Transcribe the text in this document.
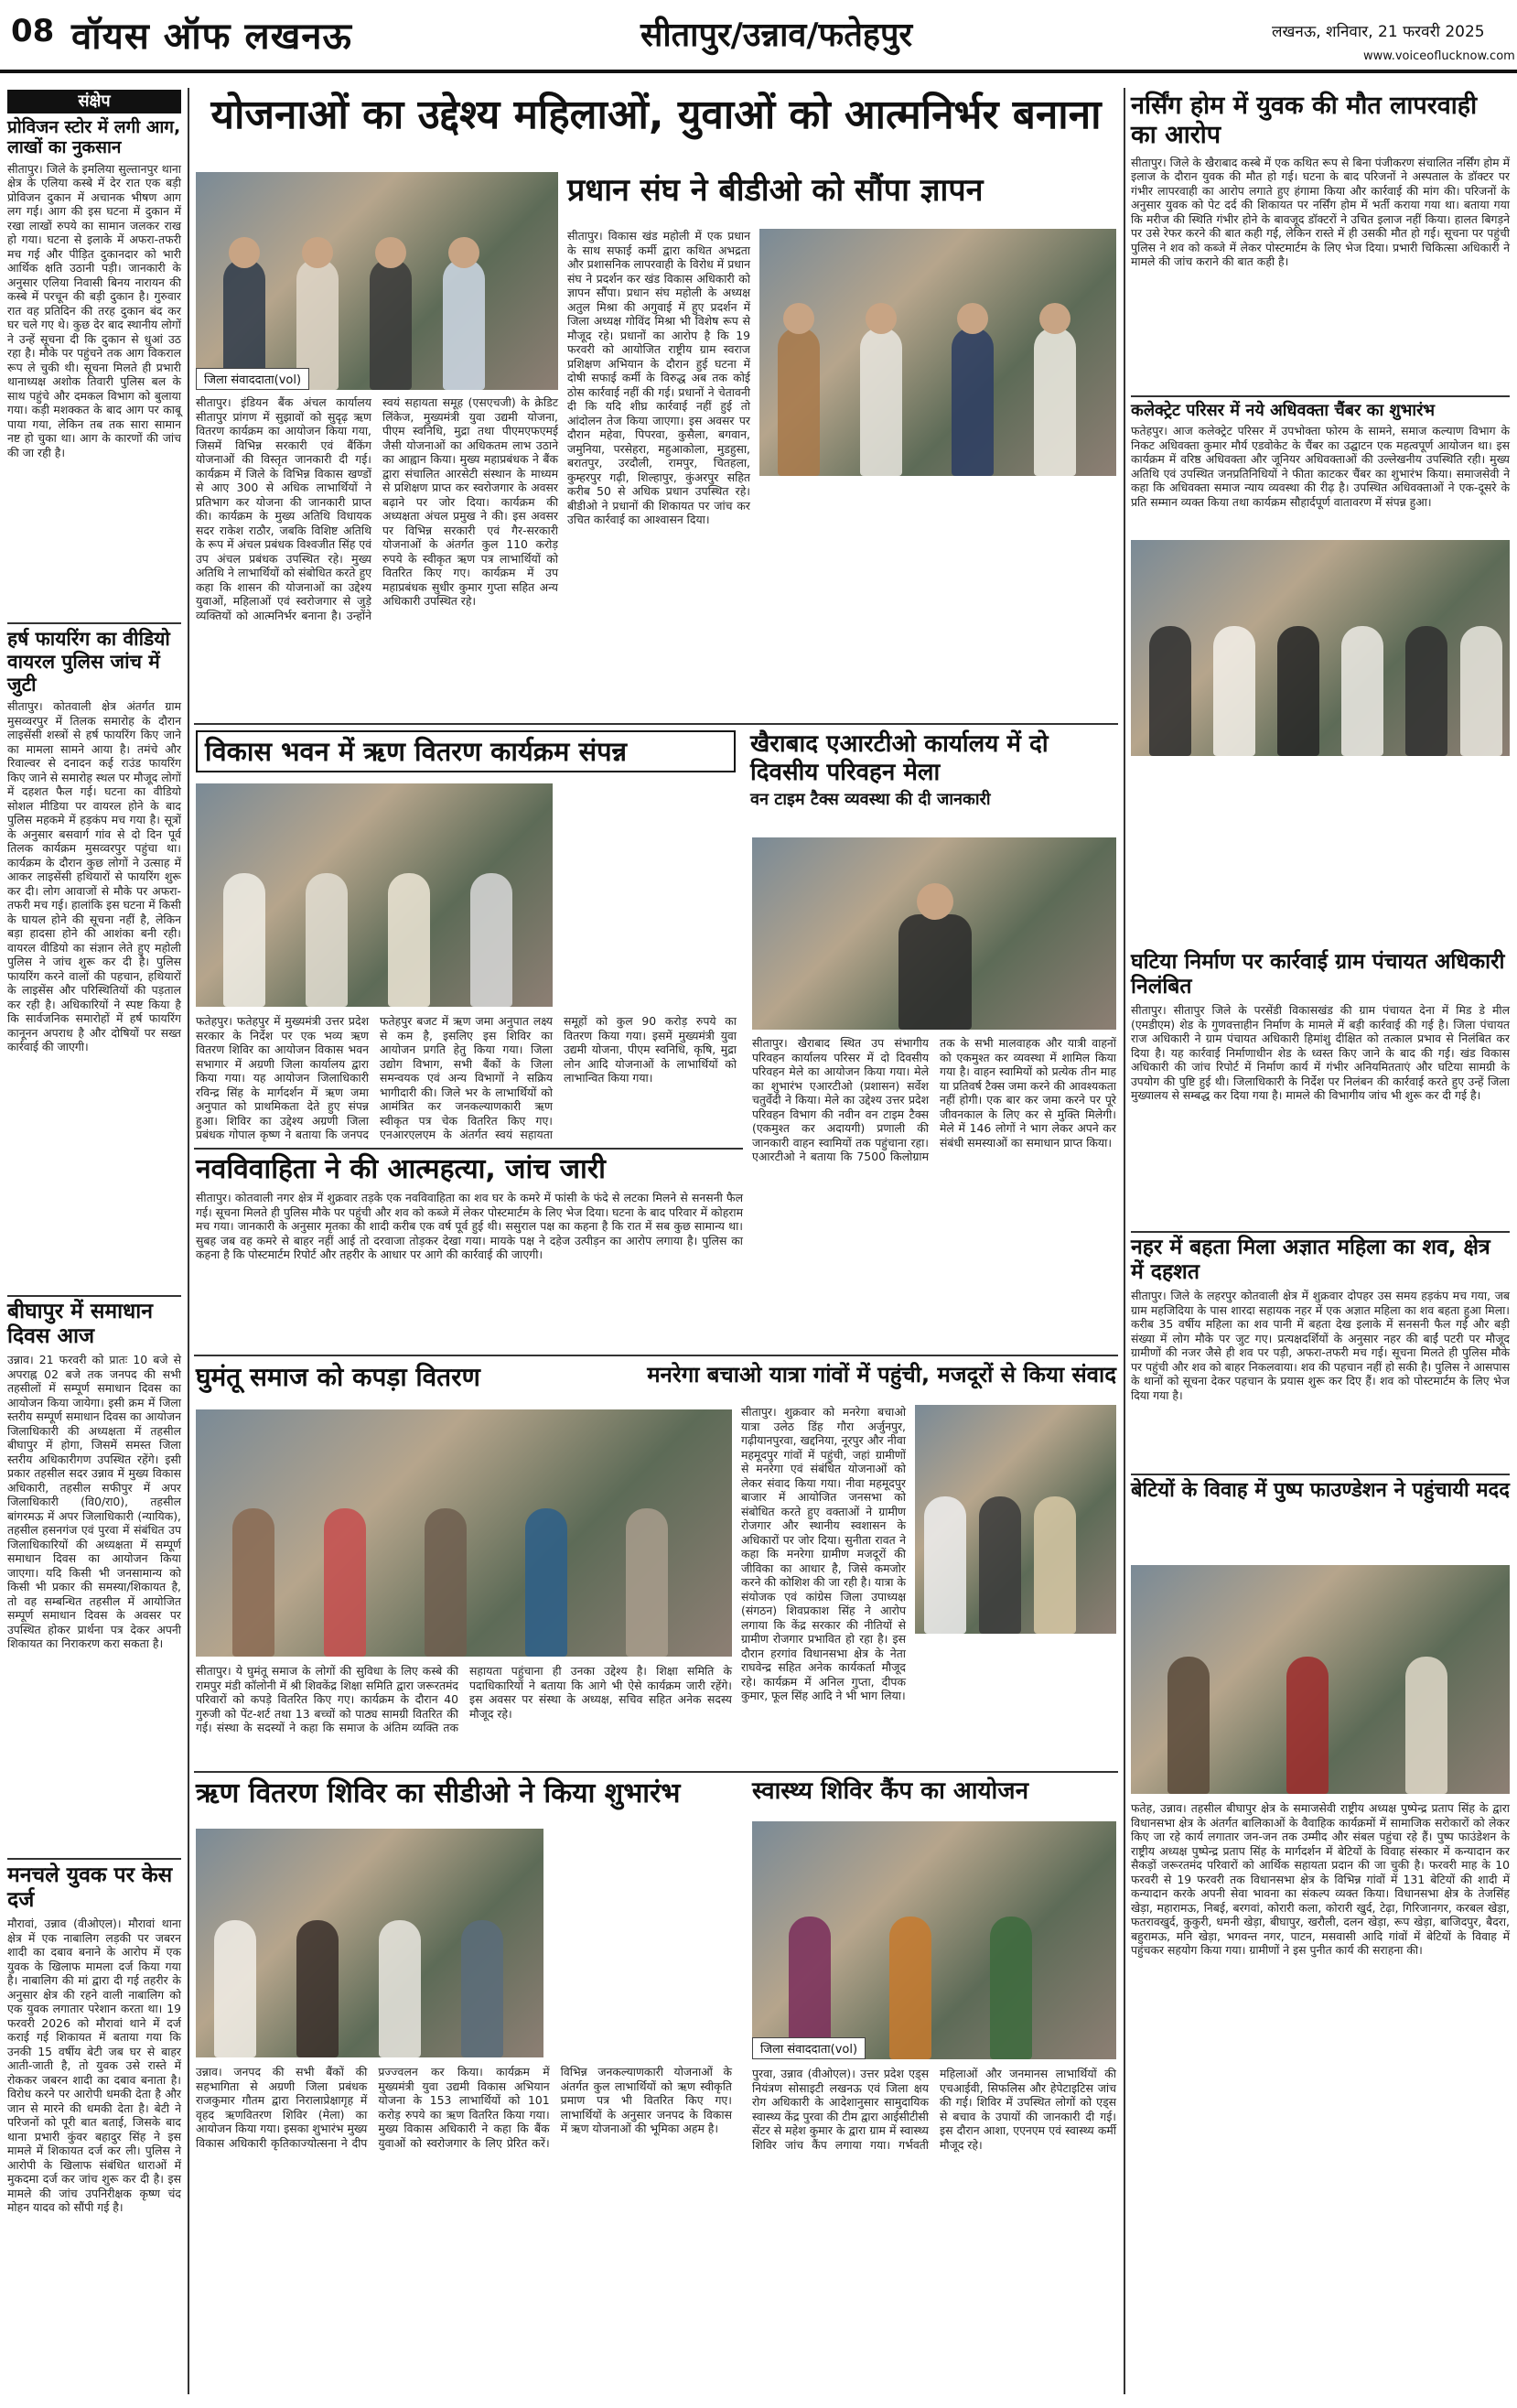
08 वॉयस ऑफ लखनऊ	सीतापुर/उन्नाव/फतेहपुर	लखनऊ, शनिवार, 21 फरवरी 2025
www.voiceoflucknow.com
संक्षेप
प्रोविजन स्टोर में लगी आग, लाखों का नुकसान
सीतापुर। जिले के इमलिया सुल्तानपुर थाना क्षेत्र के एलिया कस्बे में देर रात एक बड़ी प्रोविजन दुकान में अचानक भीषण आग लग गई। आग की इस घटना में दुकान में रखा लाखों रुपये का सामान जलकर राख हो गया। घटना से इलाके में अफरा-तफरी मच गई और पीड़ित दुकानदार को भारी आर्थिक क्षति उठानी पड़ी। जानकारी के अनुसार एलिया निवासी बिनय नारायन की कस्बे में परचून की बड़ी दुकान है। गुरुवार रात वह प्रतिदिन की तरह दुकान बंद कर घर चले गए थे। कुछ देर बाद स्थानीय लोगों ने उन्हें सूचना दी कि दुकान से धुआं उठ रहा है। मौके पर पहुंचने तक आग विकराल रूप ले चुकी थी। सूचना मिलते ही प्रभारी थानाध्यक्ष अशोक तिवारी पुलिस बल के साथ पहुंचे और दमकल विभाग को बुलाया गया। कड़ी मशक्कत के बाद आग पर काबू पाया गया, लेकिन तब तक सारा सामान नष्ट हो चुका था। आग के कारणों की जांच की जा रही है।
हर्ष फायरिंग का वीडियो वायरल पुलिस जांच में जुटी
सीतापुर। कोतवाली क्षेत्र अंतर्गत ग्राम मुसव्वरपुर में तिलक समारोह के दौरान लाइसेंसी शस्त्रों से हर्ष फायरिंग किए जाने का मामला सामने आया है। तमंचे और रिवाल्वर से दनादन कई राउंड फायरिंग किए जाने से समारोह स्थल पर मौजूद लोगों में दहशत फैल गई। घटना का वीडियो सोशल मीडिया पर वायरल होने के बाद पुलिस महकमे में हड़कंप मच गया है। सूत्रों के अनुसार बसवार्ग गांव से दो दिन पूर्व तिलक कार्यक्रम मुसव्वरपुर पहुंचा था। कार्यक्रम के दौरान कुछ लोगों ने उत्साह में आकर लाइसेंसी हथियारों से फायरिंग शुरू कर दी। लोग आवाजों से मौके पर अफरा-तफरी मच गई। हालांकि इस घटना में किसी के घायल होने की सूचना नहीं है, लेकिन बड़ा हादसा होने की आशंका बनी रही। वायरल वीडियो का संज्ञान लेते हुए महोली पुलिस ने जांच शुरू कर दी है। पुलिस फायरिंग करने वालों की पहचान, हथियारों के लाइसेंस और परिस्थितियों की पड़ताल कर रही है। अधिकारियों ने स्पष्ट किया है कि सार्वजनिक समारोहों में हर्ष फायरिंग कानूनन अपराध है और दोषियों पर सख्त कार्रवाई की जाएगी।
बीघापुर में समाधान दिवस आज
उन्नाव। 21 फरवरी को प्रातः 10 बजे से अपराह्न 02 बजे तक जनपद की सभी तहसीलों में सम्पूर्ण समाधान दिवस का आयोजन किया जायेगा। इसी क्रम में जिला स्तरीय सम्पूर्ण समाधान दिवस का आयोजन जिलाधिकारी की अध्यक्षता में तहसील बीघापुर में होगा, जिसमें समस्त जिला स्तरीय अधिकारीगण उपस्थित रहेंगे। इसी प्रकार तहसील सदर उन्नाव में मुख्य विकास अधिकारी, तहसील सफीपुर में अपर जिलाधिकारी (वि0/रा0), तहसील बांगरमऊ में अपर जिलाधिकारी (न्यायिक), तहसील हसनगंज एवं पुरवा में संबंधित उप जिलाधिकारियों की अध्यक्षता में सम्पूर्ण समाधान दिवस का आयोजन किया जाएगा। यदि किसी भी जनसामान्य को किसी भी प्रकार की समस्या/शिकायत है, तो वह सम्बन्धित तहसील में आयोजित सम्पूर्ण समाधान दिवस के अवसर पर उपस्थित होकर प्रार्थना पत्र देकर अपनी शिकायत का निराकरण करा सकता है।
मनचले युवक पर केस दर्ज
मौरावां, उन्नाव (वीओएल)। मौरावां थाना क्षेत्र में एक नाबालिग लड़की पर जबरन शादी का दबाव बनाने के आरोप में एक युवक के खिलाफ मामला दर्ज किया गया है। नाबालिग की मां द्वारा दी गई तहरीर के अनुसार क्षेत्र की रहने वाली नाबालिग को एक युवक लगातार परेशान करता था। 19 फरवरी 2026 को मौरावां थाने में दर्ज कराई गई शिकायत में बताया गया कि उनकी 15 वर्षीय बेटी जब घर से बाहर आती-जाती है, तो युवक उसे रास्ते में रोककर जबरन शादी का दबाव बनाता है। विरोध करने पर आरोपी धमकी देता है और जान से मारने की धमकी देता है। बेटी ने परिजनों को पूरी बात बताई, जिसके बाद थाना प्रभारी कुंवर बहादुर सिंह ने इस मामले में शिकायत दर्ज कर ली। पुलिस ने आरोपी के खिलाफ संबंधित धाराओं में मुकदमा दर्ज कर जांच शुरू कर दी है। इस मामले की जांच उपनिरीक्षक कृष्ण चंद मोहन यादव को सौंपी गई है।
योजनाओं का उद्देश्य महिलाओं, युवाओं को आत्मनिर्भर बनाना
जिला संवाददाता(vol)
सीतापुर। इंडियन बैंक अंचल कार्यालय सीतापुर प्रांगण में सुझावों को सुदृढ़ ऋण वितरण कार्यक्रम का आयोजन किया गया, जिसमें विभिन्न सरकारी एवं बैंकिंग योजनाओं की विस्तृत जानकारी दी गई। कार्यक्रम में जिले के विभिन्न विकास खण्डों से आए 300 से अधिक लाभार्थियों ने प्रतिभाग कर योजना की जानकारी प्राप्त की। कार्यक्रम के मुख्य अतिथि विधायक सदर राकेश राठौर, जबकि विशिष्ट अतिथि के रूप में अंचल प्रबंधक विश्वजीत सिंह एवं उप अंचल प्रबंधक उपस्थित रहे। मुख्य अतिथि ने लाभार्थियों को संबोधित करते हुए कहा कि शासन की योजनाओं का उद्देश्य युवाओं, महिलाओं एवं स्वरोजगार से जुड़े व्यक्तियों को आत्मनिर्भर बनाना है। उन्होंने स्वयं सहायता समूह (एसएचजी) के क्रेडिट लिंकेज, मुख्यमंत्री युवा उद्यमी योजना, पीएम स्वनिधि, मुद्रा तथा पीएमएफएमई जैसी योजनाओं का अधिकतम लाभ उठाने का आह्वान किया। मुख्य महाप्रबंधक ने बैंक द्वारा संचालित आरसेटी संस्थान के माध्यम से प्रशिक्षण प्राप्त कर स्वरोजगार के अवसर बढ़ाने पर जोर दिया। कार्यक्रम की अध्यक्षता अंचल प्रमुख ने की। इस अवसर पर विभिन्न सरकारी एवं गैर-सरकारी योजनाओं के अंतर्गत कुल 110 करोड़ रुपये के स्वीकृत ऋण पत्र लाभार्थियों को वितरित किए गए। कार्यक्रम में उप महाप्रबंधक सुधीर कुमार गुप्ता सहित अन्य अधिकारी उपस्थित रहे।
प्रधान संघ ने बीडीओ को सौंपा ज्ञापन
सीतापुर। विकास खंड महोली में एक प्रधान के साथ सफाई कर्मी द्वारा कथित अभद्रता और प्रशासनिक लापरवाही के विरोध में प्रधान संघ ने प्रदर्शन कर खंड विकास अधिकारी को ज्ञापन सौंपा। प्रधान संघ महोली के अध्यक्ष अतुल मिश्रा की अगुवाई में हुए प्रदर्शन में जिला अध्यक्ष गोविंद मिश्रा भी विशेष रूप से मौजूद रहे। प्रधानों का आरोप है कि 19 फरवरी को आयोजित राष्ट्रीय ग्राम स्वराज प्रशिक्षण अभियान के दौरान हुई घटना में दोषी सफाई कर्मी के विरुद्ध अब तक कोई ठोस कार्रवाई नहीं की गई। प्रधानों ने चेतावनी दी कि यदि शीघ्र कार्रवाई नहीं हुई तो आंदोलन तेज किया जाएगा। इस अवसर पर दौरान महेवा, पिपरवा, कुसैला, बगवान, जमुनिया, परसेहरा, महुआकोला, मुडहुसा, बरातपुर, उरदौली, रामपुर, चितहला, कुम्हरपुर गढ़ी, शिल्हापुर, कुंअरपुर सहित करीब 50 से अधिक प्रधान उपस्थित रहे। बीडीओ ने प्रधानों की शिकायत पर जांच कर उचित कार्रवाई का आश्वासन दिया।
नर्सिंग होम में युवक की मौत लापरवाही का आरोप
सीतापुर। जिले के खैराबाद कस्बे में एक कथित रूप से बिना पंजीकरण संचालित नर्सिंग होम में इलाज के दौरान युवक की मौत हो गई। घटना के बाद परिजनों ने अस्पताल के डॉक्टर पर गंभीर लापरवाही का आरोप लगाते हुए हंगामा किया और कार्रवाई की मांग की। परिजनों के अनुसार युवक को पेट दर्द की शिकायत पर नर्सिंग होम में भर्ती कराया गया था। बताया गया कि मरीज की स्थिति गंभीर होने के बावजूद डॉक्टरों ने उचित इलाज नहीं किया। हालत बिगड़ने पर उसे रेफर करने की बात कही गई, लेकिन रास्ते में ही उसकी मौत हो गई। सूचना पर पहुंची पुलिस ने शव को कब्जे में लेकर पोस्टमार्टम के लिए भेज दिया। प्रभारी चिकित्सा अधिकारी ने मामले की जांच कराने की बात कही है।
कलेक्ट्रेट परिसर में नये अधिवक्ता चैंबर का शुभारंभ
फतेहपुर। आज कलेक्ट्रेट परिसर में उपभोक्ता फोरम के सामने, समाज कल्याण विभाग के निकट अधिवक्ता कुमार मौर्य एडवोकेट के चैंबर का उद्घाटन एक महत्वपूर्ण आयोजन था। इस कार्यक्रम में वरिष्ठ अधिवक्ता और जूनियर अधिवक्ताओं की उल्लेखनीय उपस्थिति रही। मुख्य अतिथि एवं उपस्थित जनप्रतिनिधियों ने फीता काटकर चैंबर का शुभारंभ किया। समाजसेवी ने कहा कि अधिवक्ता समाज न्याय व्यवस्था की रीढ़ है। उपस्थित अधिवक्ताओं ने एक-दूसरे के प्रति सम्मान व्यक्त किया तथा कार्यक्रम सौहार्दपूर्ण वातावरण में संपन्न हुआ।
घटिया निर्माण पर कार्रवाई ग्राम पंचायत अधिकारी निलंबित
सीतापुर। सीतापुर जिले के परसेंडी विकासखंड की ग्राम पंचायत देना में मिड डे मील (एमडीएम) शेड के गुणवत्ताहीन निर्माण के मामले में बड़ी कार्रवाई की गई है। जिला पंचायत राज अधिकारी ने ग्राम पंचायत अधिकारी हिमांशु दीक्षित को तत्काल प्रभाव से निलंबित कर दिया है। यह कार्रवाई निर्माणाधीन शेड के ध्वस्त किए जाने के बाद की गई। खंड विकास अधिकारी की जांच रिपोर्ट में निर्माण कार्य में गंभीर अनियमितताएं और घटिया सामग्री के उपयोग की पुष्टि हुई थी। जिलाधिकारी के निर्देश पर निलंबन की कार्रवाई करते हुए उन्हें जिला मुख्यालय से सम्बद्ध कर दिया गया है। मामले की विभागीय जांच भी शुरू कर दी गई है।
नहर में बहता मिला अज्ञात महिला का शव, क्षेत्र में दहशत
सीतापुर। जिले के लहरपुर कोतवाली क्षेत्र में शुक्रवार दोपहर उस समय हड़कंप मच गया, जब ग्राम महजिदिया के पास शारदा सहायक नहर में एक अज्ञात महिला का शव बहता हुआ मिला। करीब 35 वर्षीय महिला का शव पानी में बहता देख इलाके में सनसनी फैल गई और बड़ी संख्या में लोग मौके पर जुट गए। प्रत्यक्षदर्शियों के अनुसार नहर की बाईं पटरी पर मौजूद ग्रामीणों की नजर जैसे ही शव पर पड़ी, अफरा-तफरी मच गई। सूचना मिलते ही पुलिस मौके पर पहुंची और शव को बाहर निकलवाया। शव की पहचान नहीं हो सकी है। पुलिस ने आसपास के थानों को सूचना देकर पहचान के प्रयास शुरू कर दिए हैं। शव को पोस्टमार्टम के लिए भेज दिया गया है।
बेटियों के विवाह में पुष्प फाउण्डेशन ने पहुंचायी मदद
फतेह, उन्नाव। तहसील बीघापुर क्षेत्र के समाजसेवी राष्ट्रीय अध्यक्ष पुष्पेन्द्र प्रताप सिंह के द्वारा विधानसभा क्षेत्र के अंतर्गत बालिकाओं के वैवाहिक कार्यक्रमों में सामाजिक सरोकारों को लेकर किए जा रहे कार्य लगातार जन-जन तक उम्मीद और संबल पहुंचा रहे हैं। पुष्प फाउंडेशन के राष्ट्रीय अध्यक्ष पुष्पेन्द्र प्रताप सिंह के मार्गदर्शन में बेटियों के विवाह संस्कार में कन्यादान कर सैकड़ों जरूरतमंद परिवारों को आर्थिक सहायता प्रदान की जा चुकी है। फरवरी माह के 10 फरवरी से 19 फरवरी तक विधानसभा क्षेत्र के विभिन्न गांवों में 131 बेटियों की शादी में कन्यादान करके अपनी सेवा भावना का संकल्प व्यक्त किया। विधानसभा क्षेत्र के तेजसिंह खेड़ा, महारामऊ, निबई, बरगवां, कोरारी कला, कोरारी खुर्द, टेढ़ा, गिरिजानगर, करबल खेड़ा, फतरावखुर्द, कुकुरी, धमनी खेड़ा, बीघापुर, खरौली, दलन खेड़ा, रूप खेड़ा, बाजिदपुर, बैदरा, बहुरामऊ, मनि खेड़ा, भगवन्त नगर, पाटन, मसवासी आदि गांवों में बेटियों के विवाह में पहुंचकर सहयोग किया गया। ग्रामीणों ने इस पुनीत कार्य की सराहना की।
विकास भवन में ऋण वितरण कार्यक्रम संपन्न
फतेहपुर। फतेहपुर में मुख्यमंत्री उत्तर प्रदेश सरकार के निर्देश पर एक भव्य ऋण वितरण शिविर का आयोजन विकास भवन सभागार में अग्रणी जिला कार्यालय द्वारा किया गया। यह आयोजन जिलाधिकारी रविन्द्र सिंह के मार्गदर्शन में ऋण जमा अनुपात को प्राथमिकता देते हुए संपन्न हुआ। शिविर का उद्देश्य अग्रणी जिला प्रबंधक गोपाल कृष्ण ने बताया कि जनपद फतेहपुर बजट में ऋण जमा अनुपात लक्ष्य से कम है, इसलिए इस शिविर का आयोजन प्रगति हेतु किया गया। जिला उद्योग विभाग, सभी बैंकों के जिला समन्वयक एवं अन्य विभागों ने सक्रिय भागीदारी की। जिले भर के लाभार्थियों को आमंत्रित कर जनकल्याणकारी ऋण स्वीकृत पत्र चेक वितरित किए गए। एनआरएलएम के अंतर्गत स्वयं सहायता समूहों को कुल 90 करोड़ रुपये का वितरण किया गया। इसमें मुख्यमंत्री युवा उद्यमी योजना, पीएम स्वनिधि, कृषि, मुद्रा लोन आदि योजनाओं के लाभार्थियों को लाभान्वित किया गया।
खैराबाद एआरटीओ कार्यालय में दो दिवसीय परिवहन मेला
वन टाइम टैक्स व्यवस्था की दी जानकारी
सीतापुर। खैराबाद स्थित उप संभागीय परिवहन कार्यालय परिसर में दो दिवसीय परिवहन मेले का आयोजन किया गया। मेले का शुभारंभ एआरटीओ (प्रशासन) सर्वेश चतुर्वेदी ने किया। मेले का उद्देश्य उत्तर प्रदेश परिवहन विभाग की नवीन वन टाइम टैक्स (एकमुश्त कर अदायगी) प्रणाली की जानकारी वाहन स्वामियों तक पहुंचाना रहा। एआरटीओ ने बताया कि 7500 किलोग्राम तक के सभी मालवाहक और यात्री वाहनों को एकमुश्त कर व्यवस्था में शामिल किया गया है। वाहन स्वामियों को प्रत्येक तीन माह या प्रतिवर्ष टैक्स जमा करने की आवश्यकता नहीं होगी। एक बार कर जमा करने पर पूरे जीवनकाल के लिए कर से मुक्ति मिलेगी। मेले में 146 लोगों ने भाग लेकर अपने कर संबंधी समस्याओं का समाधान प्राप्त किया।
नवविवाहिता ने की आत्महत्या, जांच जारी
सीतापुर। कोतवाली नगर क्षेत्र में शुक्रवार तड़के एक नवविवाहिता का शव घर के कमरे में फांसी के फंदे से लटका मिलने से सनसनी फैल गई। सूचना मिलते ही पुलिस मौके पर पहुंची और शव को कब्जे में लेकर पोस्टमार्टम के लिए भेज दिया। घटना के बाद परिवार में कोहराम मच गया। जानकारी के अनुसार मृतका की शादी करीब एक वर्ष पूर्व हुई थी। ससुराल पक्ष का कहना है कि रात में सब कुछ सामान्य था। सुबह जब वह कमरे से बाहर नहीं आई तो दरवाजा तोड़कर देखा गया। मायके पक्ष ने दहेज उत्पीड़न का आरोप लगाया है। पुलिस का कहना है कि पोस्टमार्टम रिपोर्ट और तहरीर के आधार पर आगे की कार्रवाई की जाएगी।
घुमंतू समाज को कपड़ा वितरण
सीतापुर। ये घुमंतू समाज के लोगों की सुविधा के लिए कस्बे की रामपुर मंडी कॉलोनी में श्री शिवकेंद्र शिक्षा समिति द्वारा जरूरतमंद परिवारों को कपड़े वितरित किए गए। कार्यक्रम के दौरान 40 गुरुजी को पेंट-शर्ट तथा 13 बच्चों को पाठ्य सामग्री वितरित की गई। संस्था के सदस्यों ने कहा कि समाज के अंतिम व्यक्ति तक सहायता पहुंचाना ही उनका उद्देश्य है। शिक्षा समिति के पदाधिकारियों ने बताया कि आगे भी ऐसे कार्यक्रम जारी रहेंगे। इस अवसर पर संस्था के अध्यक्ष, सचिव सहित अनेक सदस्य मौजूद रहे।
मनरेगा बचाओ यात्रा गांवों में पहुंची, मजदूरों से किया संवाद
सीतापुर। शुक्रवार को मनरेगा बचाओ यात्रा उलेठ डिंह गौरा अर्जुनपुर, गढ़ीयानपुरवा, खद्दनिया, नूरपुर और नीवा महमूदपुर गांवों में पहुंची, जहां ग्रामीणों से मनरेगा एवं संबंधित योजनाओं को लेकर संवाद किया गया। नीवा महमूदपुर बाजार में आयोजित जनसभा को संबोधित करते हुए वक्ताओं ने ग्रामीण रोजगार और स्थानीय स्वशासन के अधिकारों पर जोर दिया। सुनीता रावत ने कहा कि मनरेगा ग्रामीण मजदूरों की जीविका का आधार है, जिसे कमजोर करने की कोशिश की जा रही है। यात्रा के संयोजक एवं कांग्रेस जिला उपाध्यक्ष (संगठन) शिवप्रकाश सिंह ने आरोप लगाया कि केंद्र सरकार की नीतियों से ग्रामीण रोजगार प्रभावित हो रहा है। इस दौरान हरगांव विधानसभा क्षेत्र के नेता राघवेन्द्र सहित अनेक कार्यकर्ता मौजूद रहे। कार्यक्रम में अनिल गुप्ता, दीपक कुमार, फूल सिंह आदि ने भी भाग लिया।
ऋण वितरण शिविर का सीडीओ ने किया शुभारंभ
उन्नाव। जनपद की सभी बैंकों की सहभागिता से अग्रणी जिला प्रबंधक राजकुमार गौतम द्वारा निरालाप्रेक्षागृह में वृहद ऋणवितरण शिविर (मेला) का आयोजन किया गया। इसका शुभारंभ मुख्य विकास अधिकारी कृतिकाज्योत्सना ने दीप प्रज्ज्वलन कर किया। कार्यक्रम में मुख्यमंत्री युवा उद्यमी विकास अभियान योजना के 153 लाभार्थियों को 101 करोड़ रुपये का ऋण वितरित किया गया। मुख्य विकास अधिकारी ने कहा कि बैंक युवाओं को स्वरोजगार के लिए प्रेरित करें। विभिन्न जनकल्याणकारी योजनाओं के अंतर्गत कुल लाभार्थियों को ऋण स्वीकृति प्रमाण पत्र भी वितरित किए गए। लाभार्थियों के अनुसार जनपद के विकास में ऋण योजनाओं की भूमिका अहम है।
स्वास्थ्य शिविर कैंप का आयोजन
जिला संवाददाता(vol)
पुरवा, उन्नाव (वीओएल)। उत्तर प्रदेश एड्स नियंत्रण सोसाइटी लखनऊ एवं जिला क्षय रोग अधिकारी के आदेशानुसार सामुदायिक स्वास्थ्य केंद्र पुरवा की टीम द्वारा आईसीटीसी सेंटर से महेश कुमार के द्वारा ग्राम में स्वास्थ्य शिविर जांच कैंप लगाया गया। गर्भवती महिलाओं और जनमानस लाभार्थियों की एचआईवी, सिफलिस और हेपेटाइटिस जांच की गई। शिविर में उपस्थित लोगों को एड्स से बचाव के उपायों की जानकारी दी गई। इस दौरान आशा, एएनएम एवं स्वास्थ्य कर्मी मौजूद रहे।
